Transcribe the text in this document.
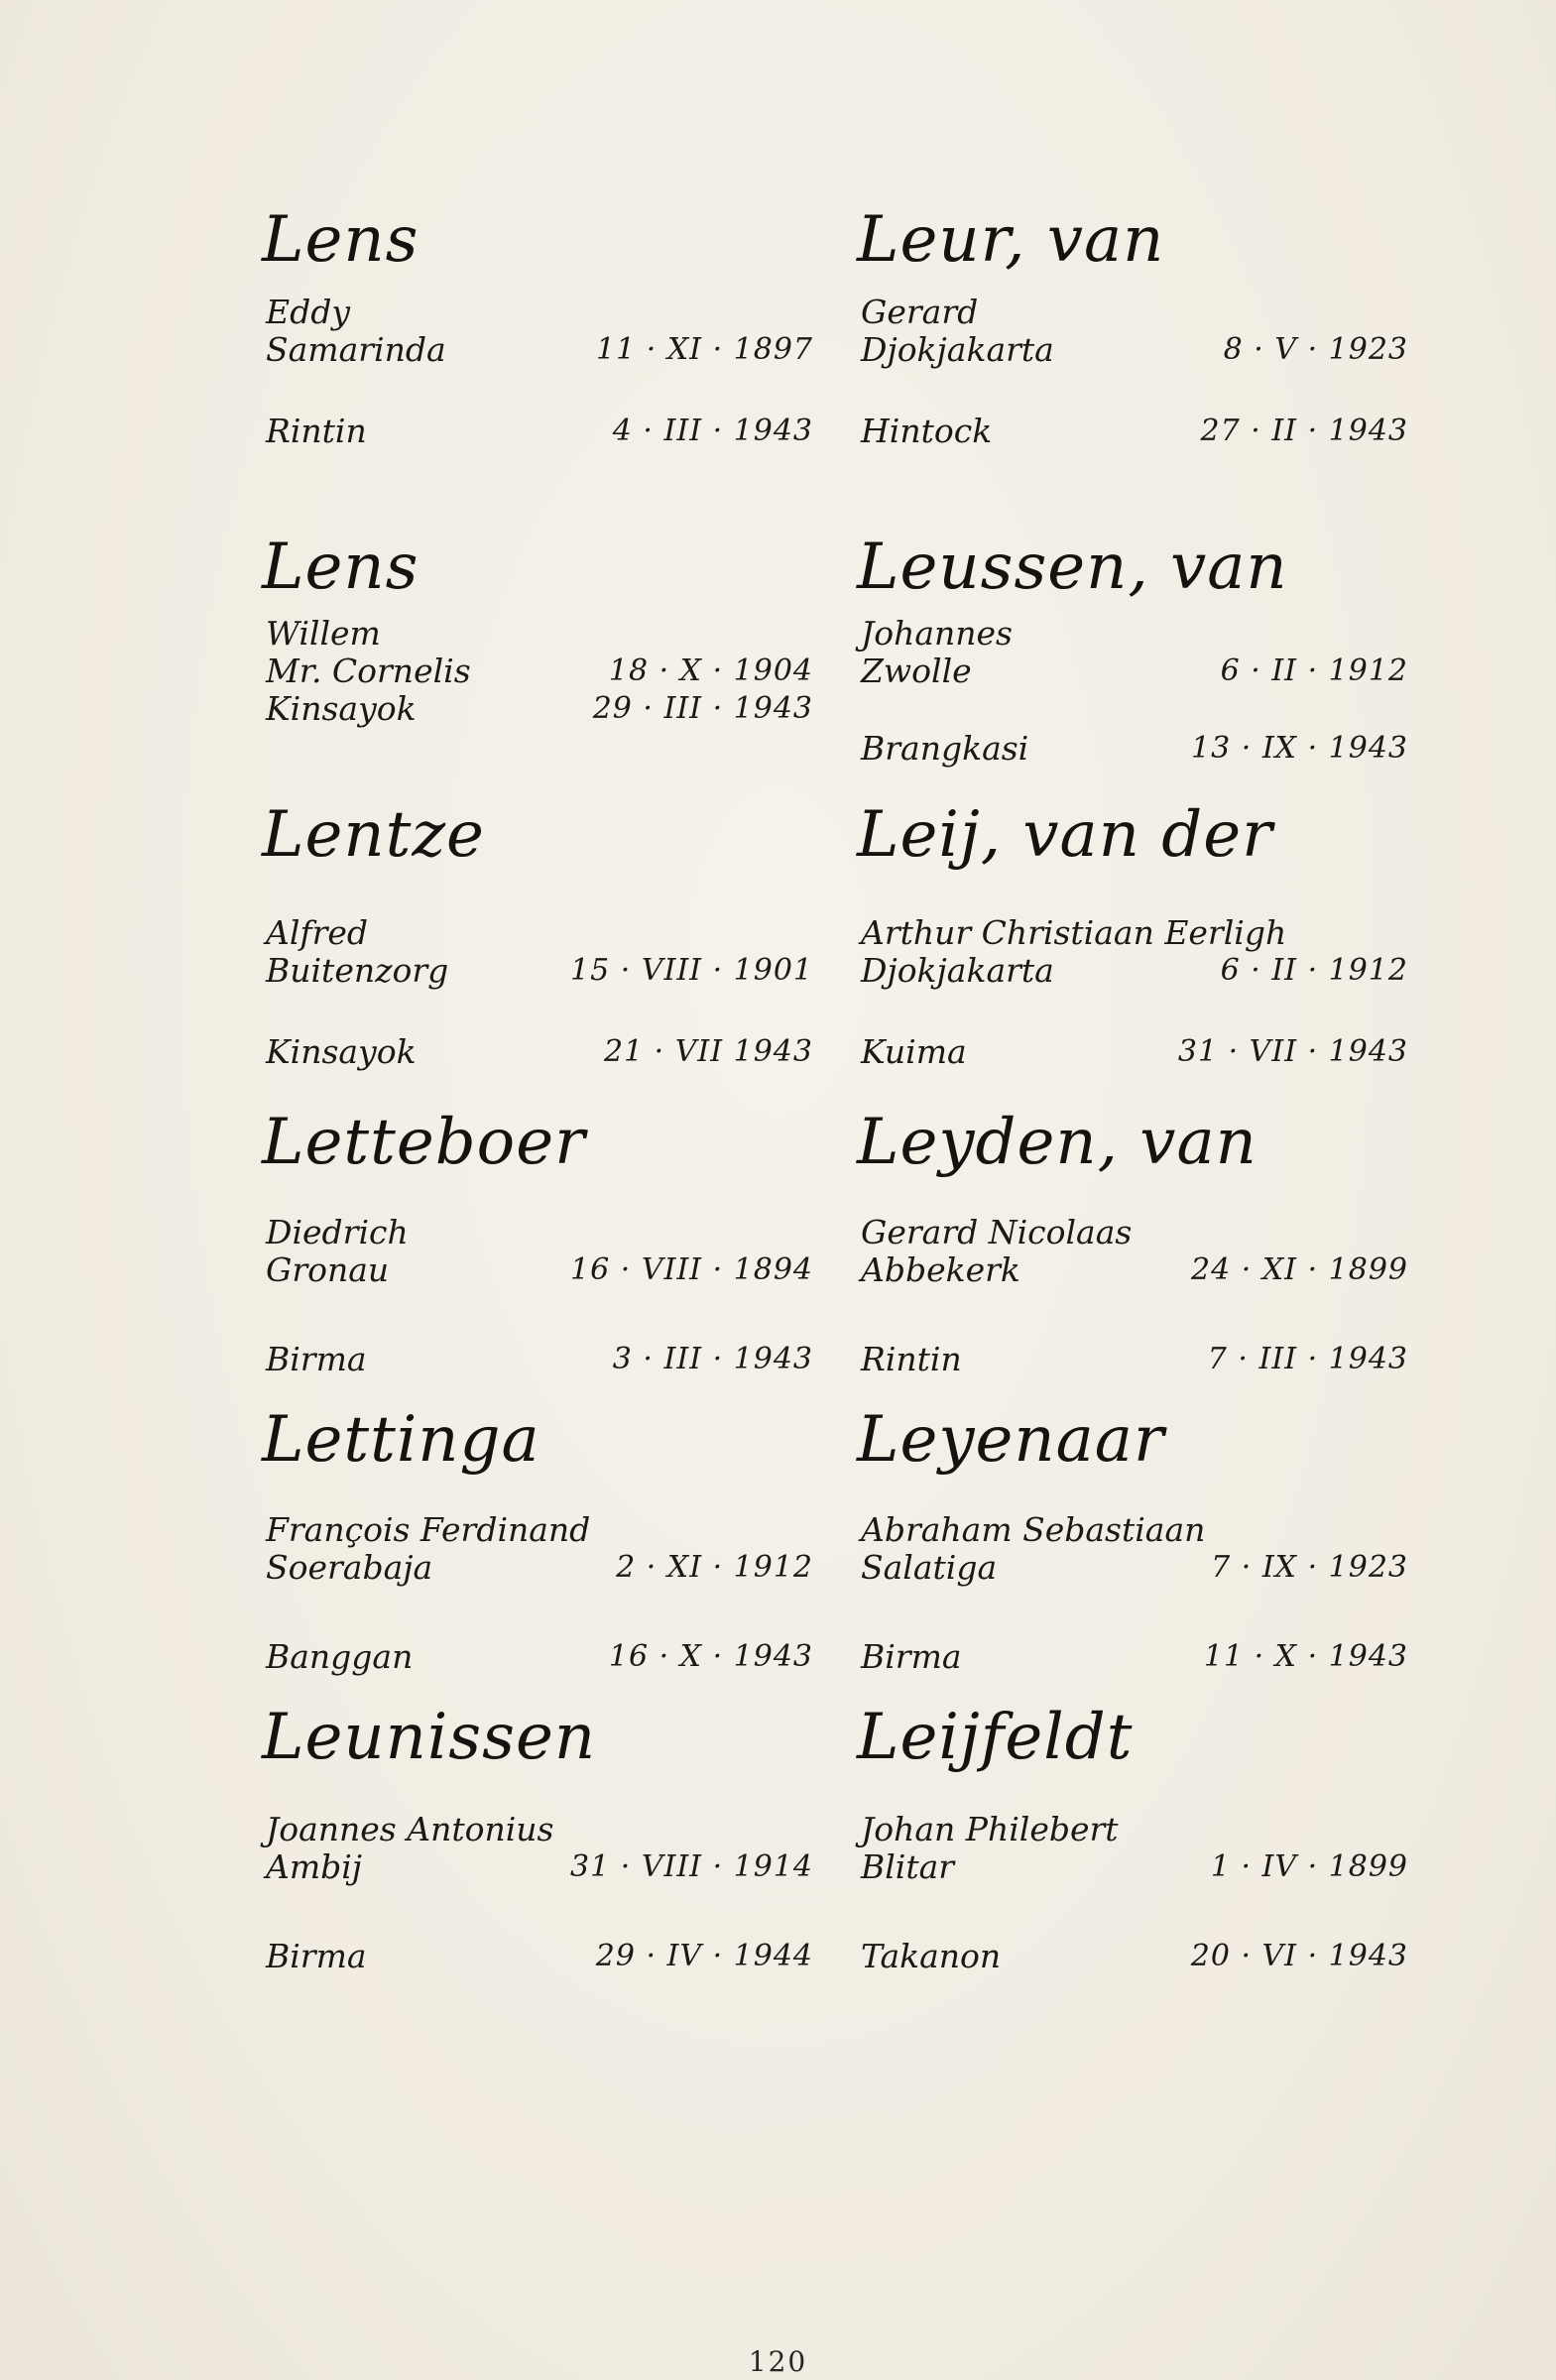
Lens
Eddy
Samarinda	11 · XI · 1897
Rintin	4 · III · 1943
Lens
Willem
Mr. Cornelis	18 · X · 1904
Kinsayok	29 · III · 1943
Lentze
Alfred
Buitenzorg	15 · VIII · 1901
Kinsayok	21 · VII 1943
Letteboer
Diedrich
Gronau	16 · VIII · 1894
Birma	3 · III · 1943
Lettinga
François Ferdinand
Soerabaja	2 · XI · 1912
Banggan	16 · X · 1943
Leunissen
Joannes Antonius
Ambij	31 · VIII · 1914
Birma	29 · IV · 1944
Leur, van
Gerard
Djokjakarta	8 · V · 1923
Hintock	27 · II · 1943
Leussen, van
Johannes
Zwolle	6 · II · 1912
Brangkasi	13 · IX · 1943
Leij, van der
Arthur Christiaan Eerligh
Djokjakarta	6 · II · 1912
Kuima	31 · VII · 1943
Leyden, van
Gerard Nicolaas
Abbekerk	24 · XI · 1899
Rintin	7 · III · 1943
Leyenaar
Abraham Sebastiaan
Salatiga	7 · IX · 1923
Birma	11 · X · 1943
Leijfeldt
Johan Philebert
Blitar	1 · IV · 1899
Takanon	20 · VI · 1943
120
